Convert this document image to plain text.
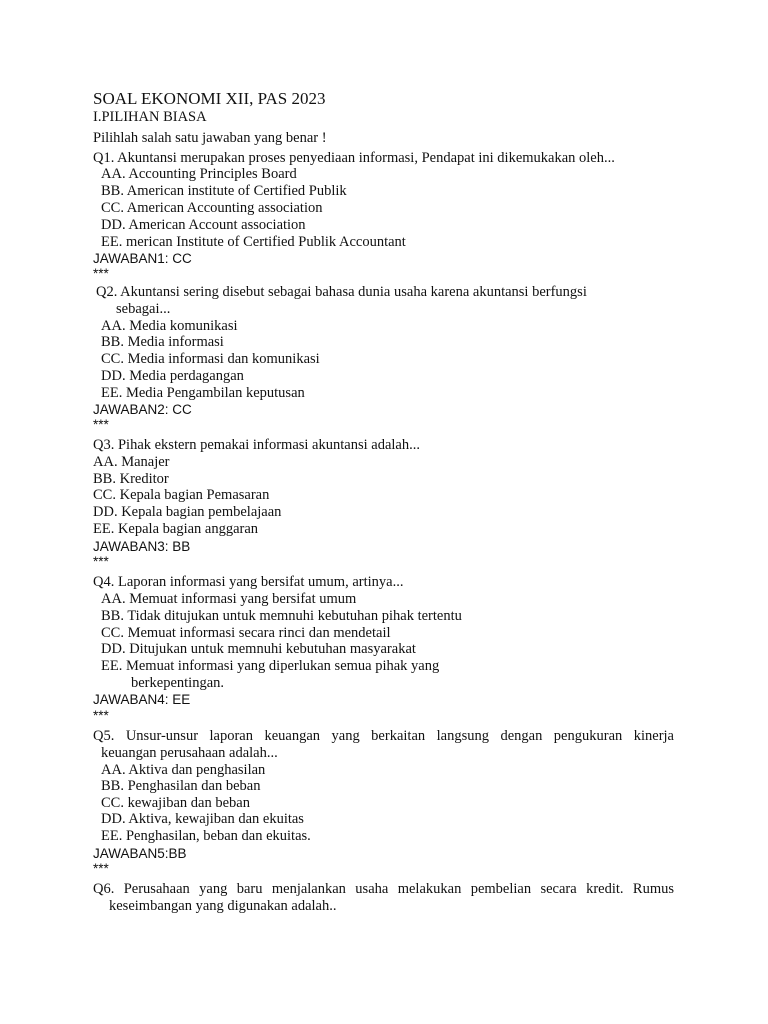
SOAL EKONOMI XII, PAS 2023
I.PILIHAN BIASA
Pilihlah salah satu jawaban yang benar !
Q1. Akuntansi merupakan proses penyediaan informasi, Pendapat ini dikemukakan oleh...
AA. Accounting Principles Board
BB. American institute of Certified Publik
CC. American Accounting association
DD. American Account association
EE. merican Institute of Certified Publik Accountant
JAWABAN1: CC
***
Q2. Akuntansi sering disebut sebagai bahasa dunia usaha karena akuntansi berfungsi
sebagai...
AA. Media komunikasi
BB. Media informasi
CC. Media informasi dan komunikasi
DD. Media perdagangan
EE. Media Pengambilan keputusan
JAWABAN2: CC
***
Q3. Pihak ekstern pemakai informasi akuntansi adalah...
AA. Manajer
BB. Kreditor
CC. Kepala bagian Pemasaran
DD. Kepala bagian pembelajaan
EE. Kepala bagian anggaran
JAWABAN3: BB
***
Q4. Laporan informasi yang bersifat umum, artinya...
AA. Memuat informasi yang bersifat umum
BB. Tidak ditujukan untuk memnuhi kebutuhan pihak tertentu
CC. Memuat informasi secara rinci dan mendetail
DD. Ditujukan untuk memnuhi kebutuhan masyarakat
EE. Memuat informasi yang diperlukan semua pihak yang
berkepentingan.
JAWABAN4: EE
***
Q5. Unsur-unsur laporan keuangan yang berkaitan langsung dengan pengukuran kinerja
keuangan perusahaan adalah...
AA. Aktiva dan penghasilan
BB. Penghasilan dan beban
CC. kewajiban dan beban
DD. Aktiva, kewajiban dan ekuitas
EE. Penghasilan, beban dan ekuitas.
JAWABAN5:BB
***
Q6. Perusahaan yang baru menjalankan usaha melakukan pembelian secara kredit. Rumus
keseimbangan yang digunakan adalah..
